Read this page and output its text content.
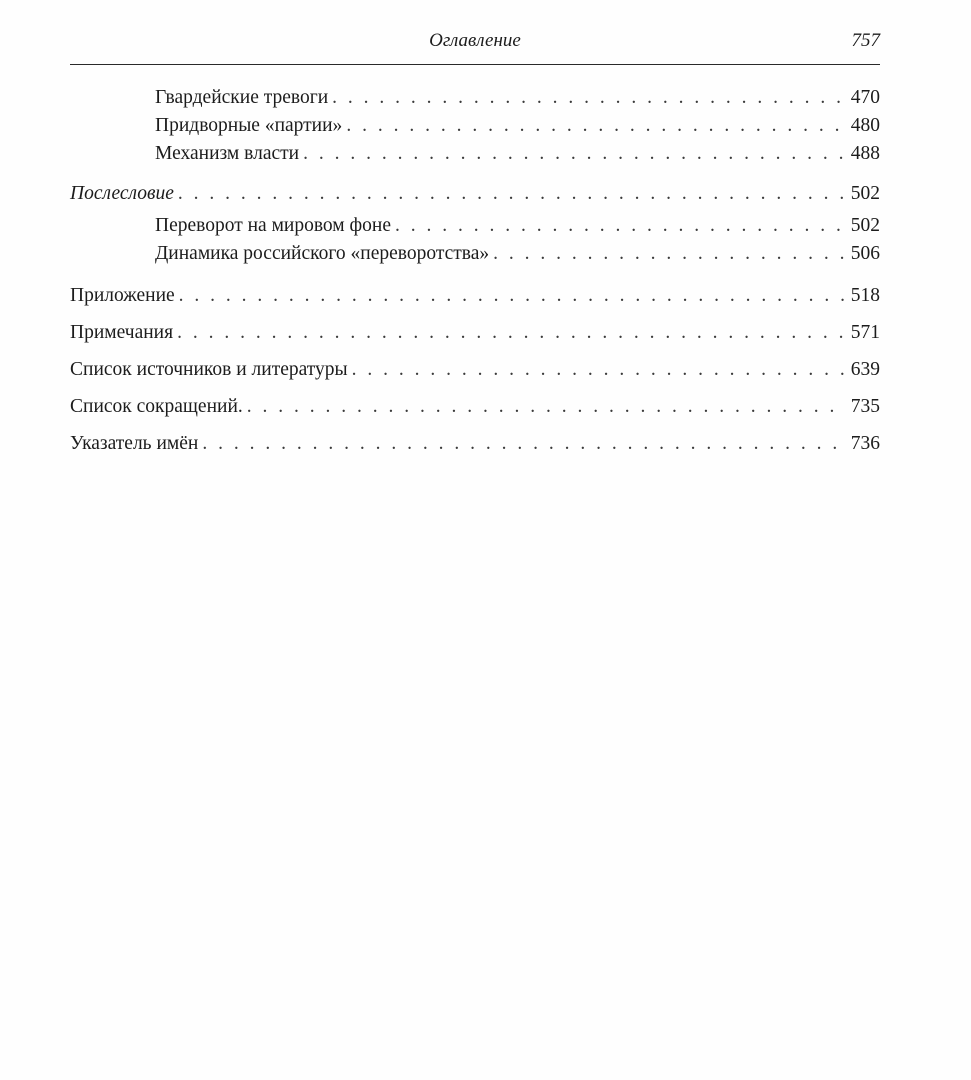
Оглавление	757
Гвардейские тревоги . . .	470
Придворные «партии» . . .	480
Механизм власти . . .	488
Послесловие . . .	502
Переворот на мировом фоне . . .	502
Динамика российского «переворотства» . . .	506
Приложение . . .	518
Примечания . . .	571
Список источников и литературы . . .	639
Список сокращений. . . .	735
Указатель имён . . .	736
